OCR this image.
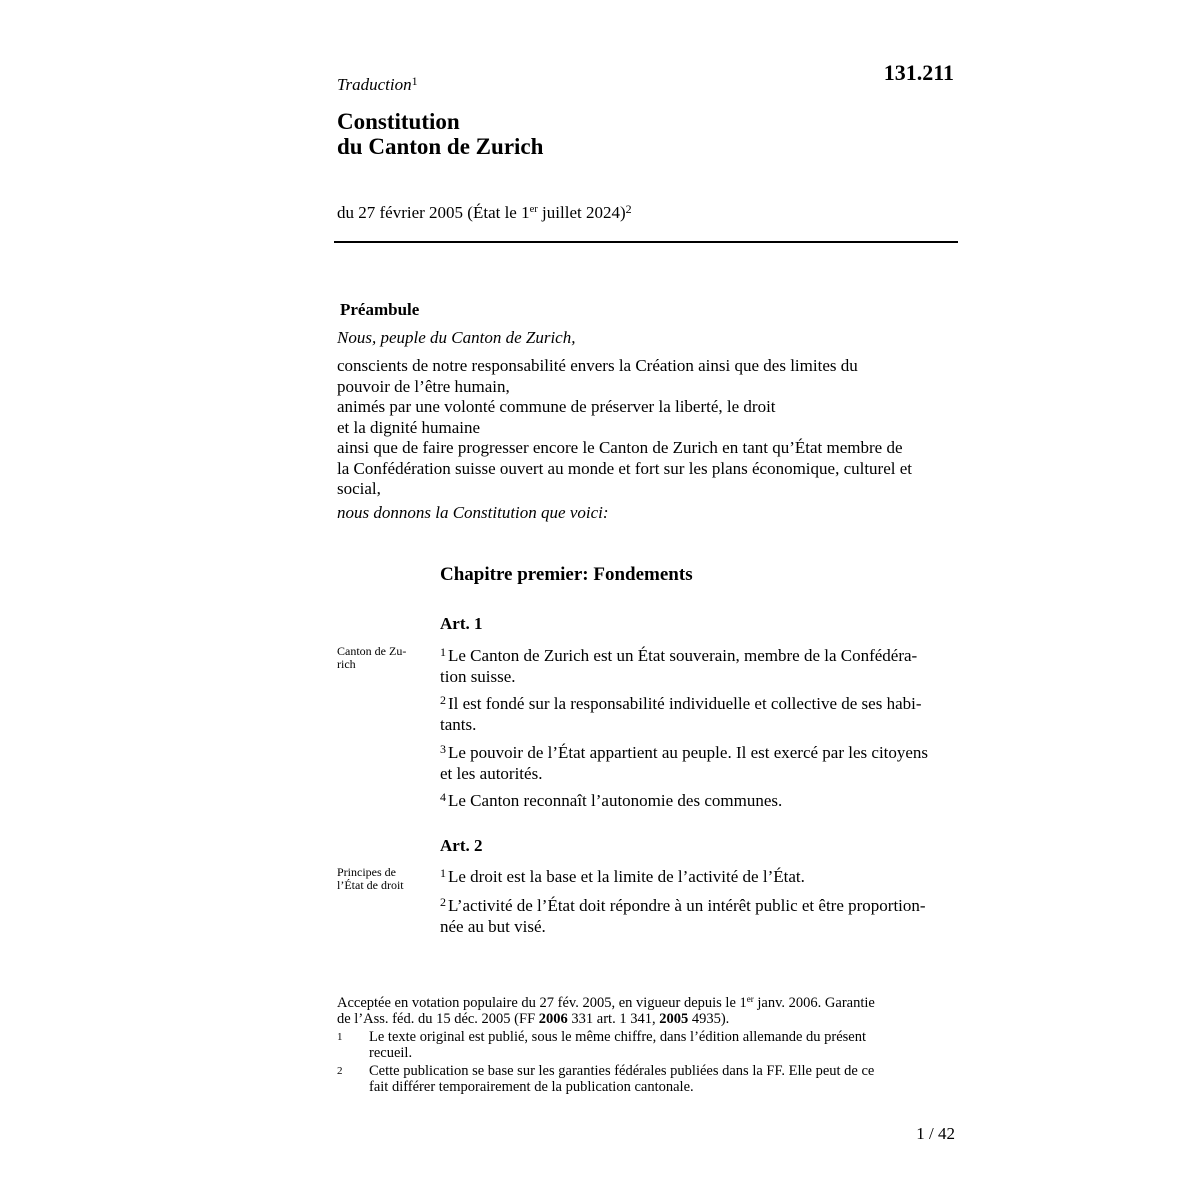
Traduction$^1$	131.211
Constitution
du Canton de Zurich
du 27 février 2005 (État le 1er juillet 2024)$^2$
Préambule
Nous, peuple du Canton de Zurich,
conscients de notre responsabilité envers la Création ainsi que des limites du
pouvoir de l’être humain,
animés par une volonté commune de préserver la liberté, le droit
et la dignité humaine
ainsi que de faire progresser encore le Canton de Zurich en tant qu’État membre de
la Confédération suisse ouvert au monde et fort sur les plans économique, culturel et
social,
nous donnons la Constitution que voici:
Chapitre premier: Fondements
Art. 1
Canton de Zu-
rich
$^1$ Le Canton de Zurich est un État souverain, membre de la Confédéra-
tion suisse.
$^2$ Il est fondé sur la responsabilité individuelle et collective de ses habi-
tants.
$^3$ Le pouvoir de l’État appartient au peuple. Il est exercé par les citoyens
et les autorités.
$^4$ Le Canton reconnaît l’autonomie des communes.
Art. 2
Principes de
l’État de droit
$^1$ Le droit est la base et la limite de l’activité de l’État.
$^2$ L’activité de l’État doit répondre à un intérêt public et être proportion-
née au but visé.
Acceptée en votation populaire du 27 fév. 2005, en vigueur depuis le 1er janv. 2006. Garantie
de l’Ass. féd. du 15 déc. 2005 (FF 2006 331 art. 1 341, 2005 4935).
1	Le texte original est publié, sous le même chiffre, dans l’édition allemande du présent
recueil.
2	Cette publication se base sur les garanties fédérales publiées dans la FF. Elle peut de ce
fait différer temporairement de la publication cantonale.
1 / 42
